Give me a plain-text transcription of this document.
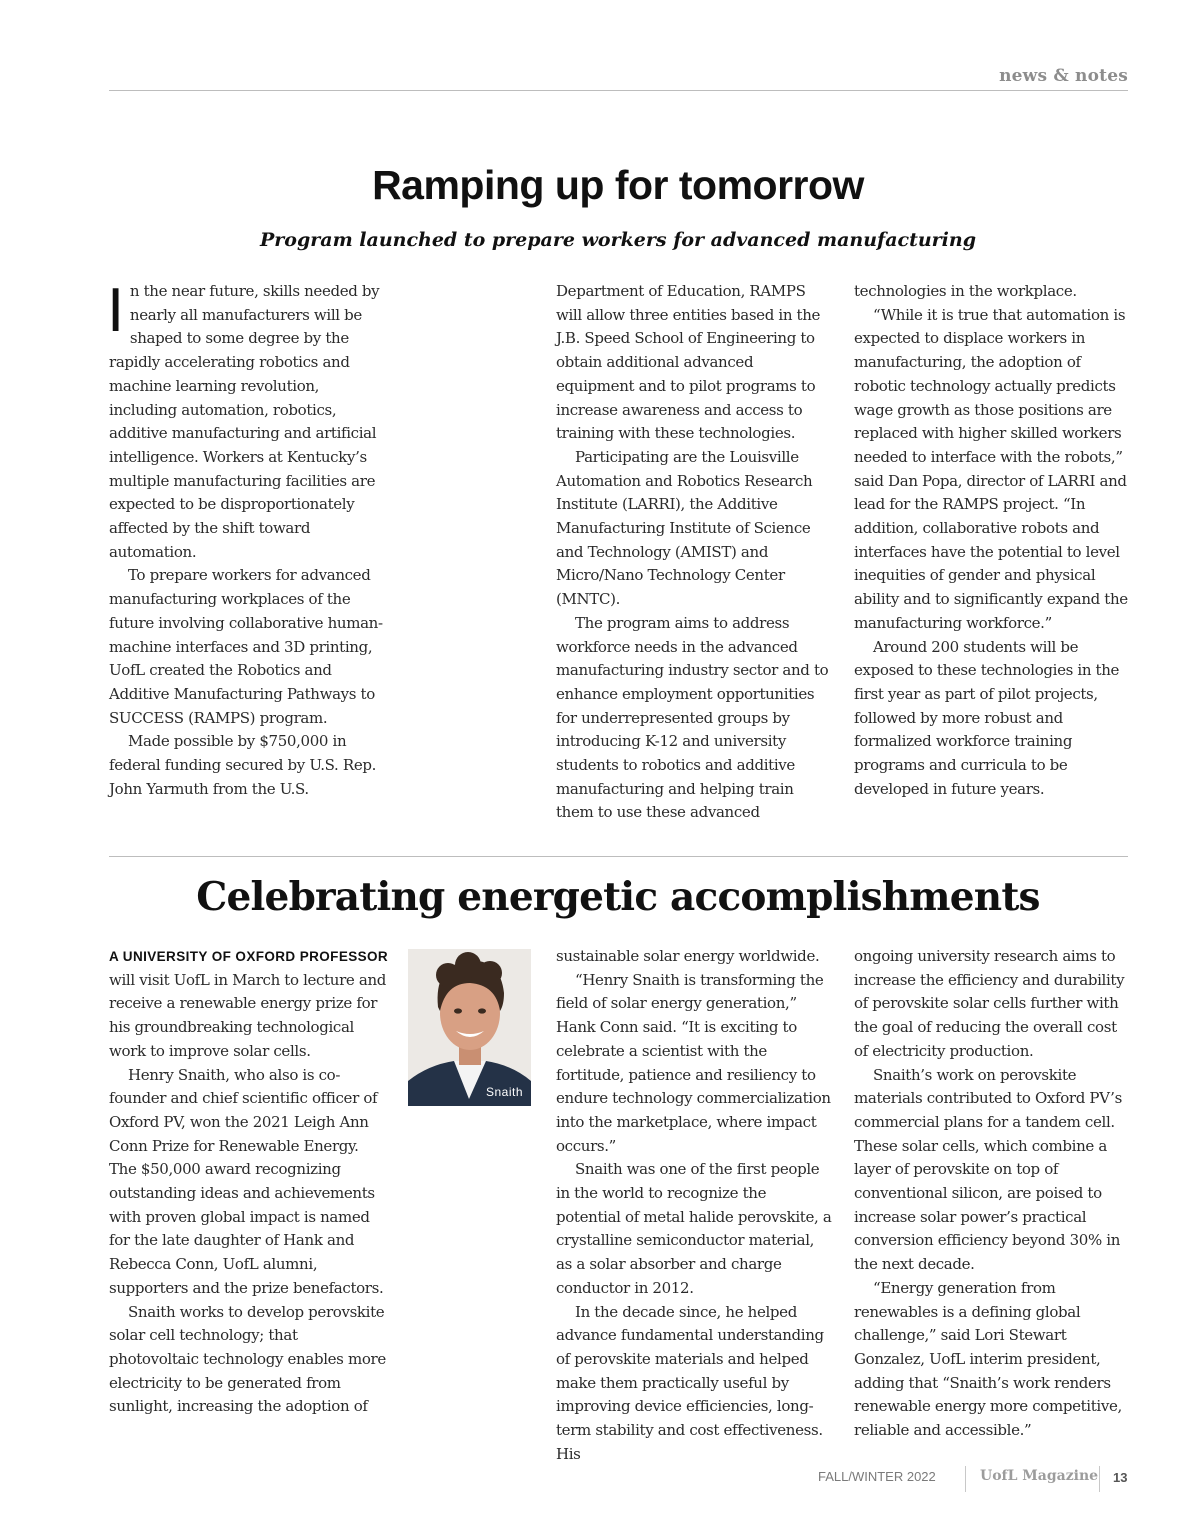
news & notes
Ramping up for tomorrow
Program launched to prepare workers for advanced manufacturing

In the near future, skills needed by nearly all manufacturers will be shaped to some degree by the rapidly accelerating robotics and machine learning revolution, including automation, robotics, additive manufacturing and artificial intelligence. Workers at Kentucky’s multiple manufacturing facilities are expected to be disproportionately affected by the shift toward automation.

To prepare workers for advanced manufacturing workplaces of the future involving collaborative human-machine interfaces and 3D printing, UofL created the Robotics and Additive Manufacturing Pathways to SUCCESS (RAMPS) program.

Made possible by $750,000 in federal funding secured by U.S. Rep. John Yarmuth from the U.S.

Department of Education, RAMPS will allow three entities based in the J.B. Speed School of Engineering to obtain additional advanced equipment and to pilot programs to increase awareness and access to training with these technologies.

Participating are the Louisville Automation and Robotics Research Institute (LARRI), the Additive Manufacturing Institute of Science and Technology (AMIST) and Micro/Nano Technology Center (MNTC).

The program aims to address workforce needs in the advanced manufacturing industry sector and to enhance employment opportunities for underrepresented groups by introducing K-12 and university students to robotics and additive manufacturing and helping train them to use these advanced

technologies in the workplace.

“While it is true that automation is expected to displace workers in manufacturing, the adoption of robotic technology actually predicts wage growth as those positions are replaced with higher skilled workers needed to interface with the robots,” said Dan Popa, director of LARRI and lead for the RAMPS project. “In addition, collaborative robots and interfaces have the potential to level inequities of gender and physical ability and to significantly expand the manufacturing workforce.”

Around 200 students will be exposed to these technologies in the first year as part of pilot projects, followed by more robust and formalized workforce training programs and curricula to be developed in future years.

Celebrating energetic accomplishments

A UNIVERSITY OF OXFORD PROFESSOR
will visit UofL in March to lecture and receive a renewable energy prize for his groundbreaking technological work to improve solar cells.

Henry Snaith, who also is co-founder and chief scientific officer of Oxford PV, won the 2021 Leigh Ann Conn Prize for Renewable Energy. The $50,000 award recognizing outstanding ideas and achievements with proven global impact is named for the late daughter of Hank and Rebecca Conn, UofL alumni, supporters and the prize benefactors.

Snaith works to develop perovskite solar cell technology; that photovoltaic technology enables more electricity to be generated from sunlight, increasing the adoption of

Snaith

sustainable solar energy worldwide.

“Henry Snaith is transforming the field of solar energy generation,” Hank Conn said. “It is exciting to celebrate a scientist with the fortitude, patience and resiliency to endure technology commercialization into the marketplace, where impact occurs.”

Snaith was one of the first people in the world to recognize the potential of metal halide perovskite, a crystalline semiconductor material, as a solar absorber and charge conductor in 2012.

In the decade since, he helped advance fundamental understanding of perovskite materials and helped make them practically useful by improving device efficiencies, long-term stability and cost effectiveness. His

ongoing university research aims to increase the efficiency and durability of perovskite solar cells further with the goal of reducing the overall cost of electricity production.

Snaith’s work on perovskite materials contributed to Oxford PV’s commercial plans for a tandem cell. These solar cells, which combine a layer of perovskite on top of conventional silicon, are poised to increase solar power’s practical conversion efficiency beyond 30% in the next decade.

“Energy generation from renewables is a defining global challenge,” said Lori Stewart Gonzalez, UofL interim president, adding that “Snaith’s work renders renewable energy more competitive, reliable and accessible.”

FALL/WINTER 2022	UofL Magazine 13
